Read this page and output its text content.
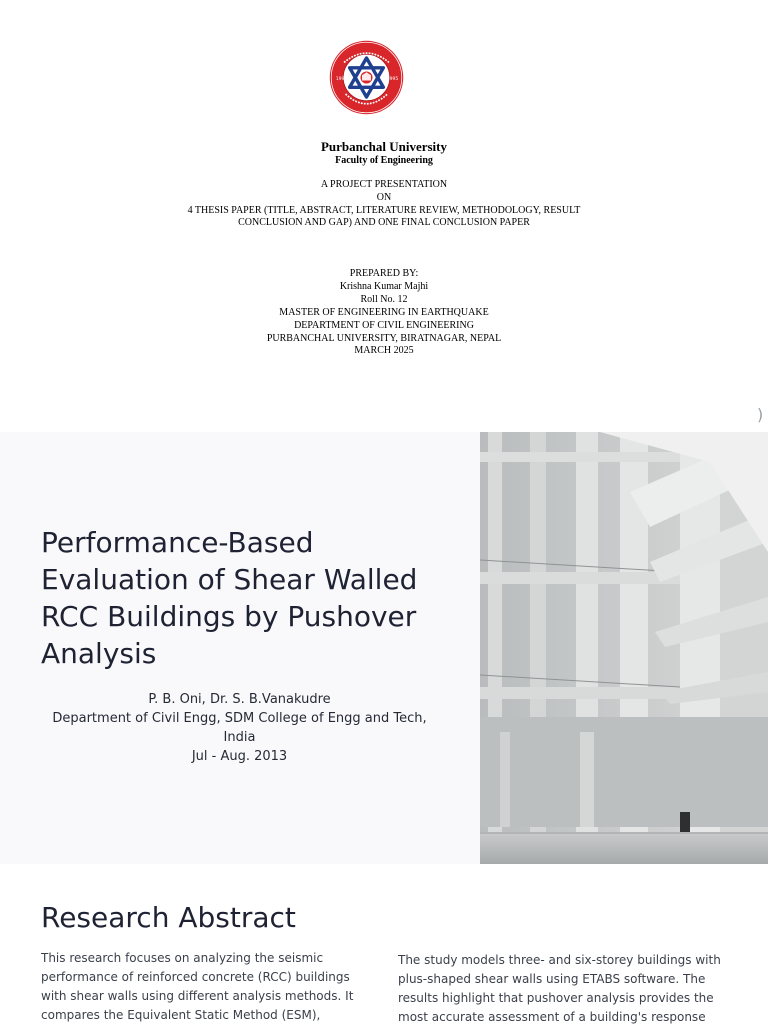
1993	1995
Purbanchal University
Faculty of Engineering
A PROJECT PRESENTATION
ON
4 THESIS PAPER (TITLE, ABSTRACT, LITERATURE REVIEW, METHODOLOGY, RESULT
CONCLUSION AND GAP) AND ONE FINAL CONCLUSION PAPER
PREPARED BY:
Krishna Kumar Majhi
Roll No. 12
MASTER OF ENGINEERING IN EARTHQUAKE
DEPARTMENT OF CIVIL ENGINEERING
PURBANCHAL UNIVERSITY, BIRATNAGAR, NEPAL
MARCH 2025
)
Performance-Based Evaluation of Shear Walled RCC Buildings by Pushover Analysis
P. B. Oni, Dr. S. B.Vanakudre
Department of Civil Engg, SDM College of Engg and Tech, India
Jul - Aug. 2013
Research Abstract

This research focuses on analyzing the seismic performance of reinforced concrete (RCC) buildings with shear walls using different analysis methods. It compares the Equivalent Static Method (ESM),

The study models three- and six-storey buildings with plus-shaped shear walls using ETABS software. The results highlight that pushover analysis provides the most accurate assessment of a building's response
